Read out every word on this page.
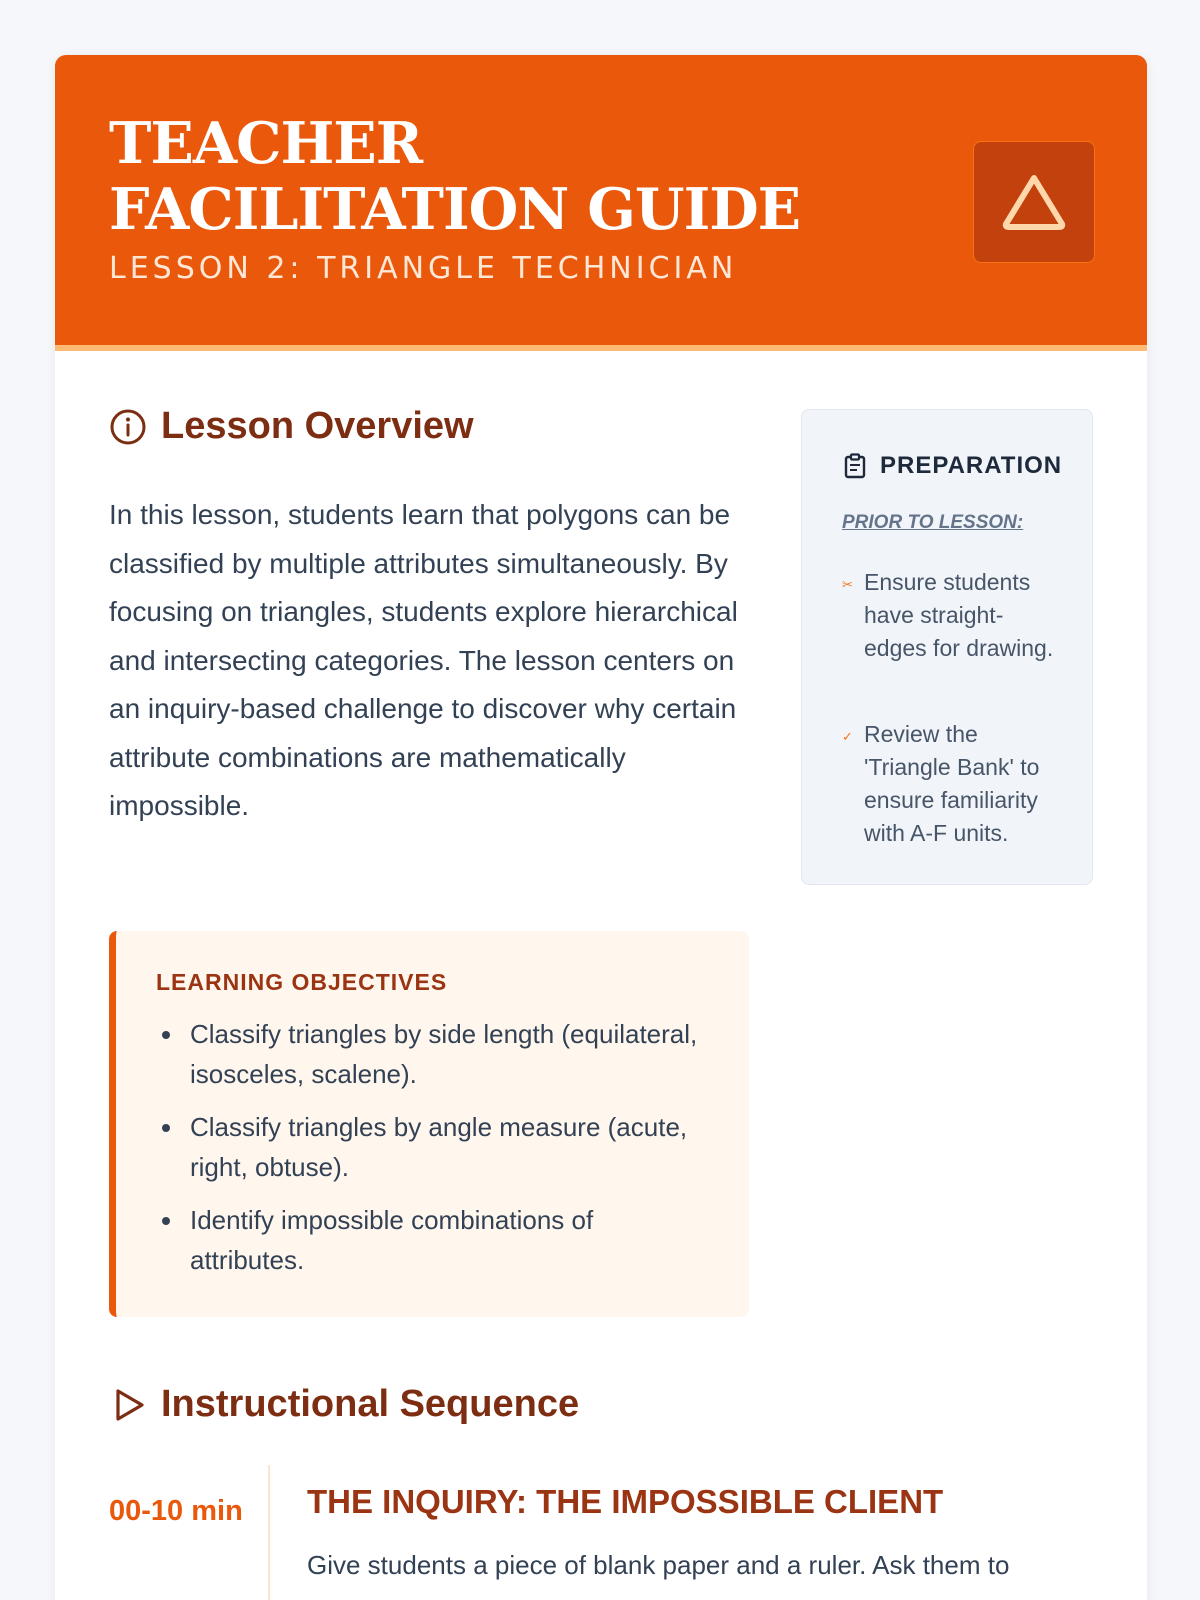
TEACHER FACILITATION GUIDE
LESSON 2: TRIANGLE TECHNICIAN
Lesson Overview

In this lesson, students learn that polygons can be classified by multiple attributes simultaneously. By focusing on triangles, students explore hierarchical and intersecting categories. The lesson centers on an inquiry-based challenge to discover why certain attribute combinations are mathematically impossible.

LEARNING OBJECTIVES
Classify triangles by side length (equilateral, isosceles, scalene).
Classify triangles by angle measure (acute, right, obtuse).
Identify impossible combinations of attributes.
PREPARATION
PRIOR TO LESSON:
✂ Ensure students have straight-edges for drawing.
✓ Review the 'Triangle Bank' to ensure familiarity with A-F units.
Instructional Sequence
00-10 min THE INQUIRY: THE IMPOSSIBLE CLIENT
Give students a piece of blank paper and a ruler. Ask them to
